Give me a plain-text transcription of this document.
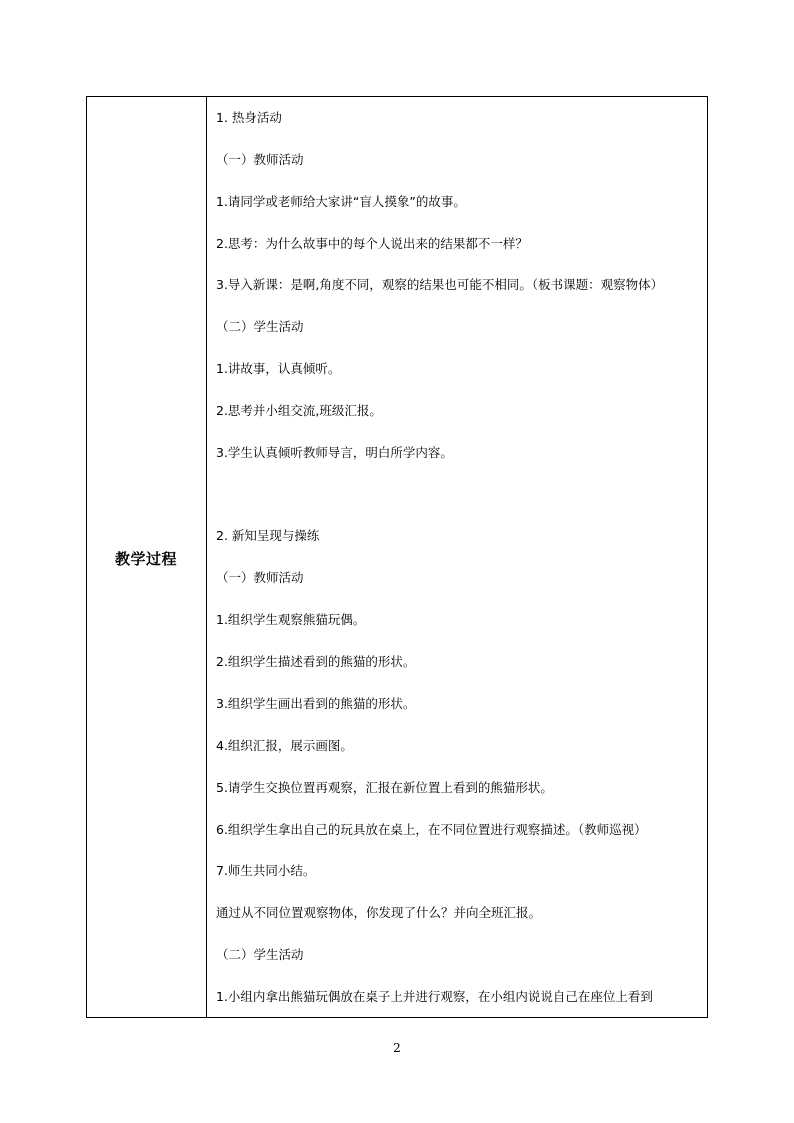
教学过程
1. 热身活动
（一）教师活动
1.请同学或老师给大家讲“盲人摸象”的故事。
2.思考：为什么故事中的每个人说出来的结果都不一样？
3.导入新课：是啊,角度不同，观察的结果也可能不相同。（板书课题：观察物体）
（二）学生活动
1.讲故事，认真倾听。
2.思考并小组交流,班级汇报。
3.学生认真倾听教师导言，明白所学内容。
2. 新知呈现与操练
（一）教师活动
1.组织学生观察熊猫玩偶。
2.组织学生描述看到的熊猫的形状。
3.组织学生画出看到的熊猫的形状。
4.组织汇报，展示画图。
5.请学生交换位置再观察，汇报在新位置上看到的熊猫形状。
6.组织学生拿出自己的玩具放在桌上，在不同位置进行观察描述。（教师巡视）
7.师生共同小结。
通过从不同位置观察物体，你发现了什么？并向全班汇报。
（二）学生活动
1.小组内拿出熊猫玩偶放在桌子上并进行观察，在小组内说说自己在座位上看到
2
